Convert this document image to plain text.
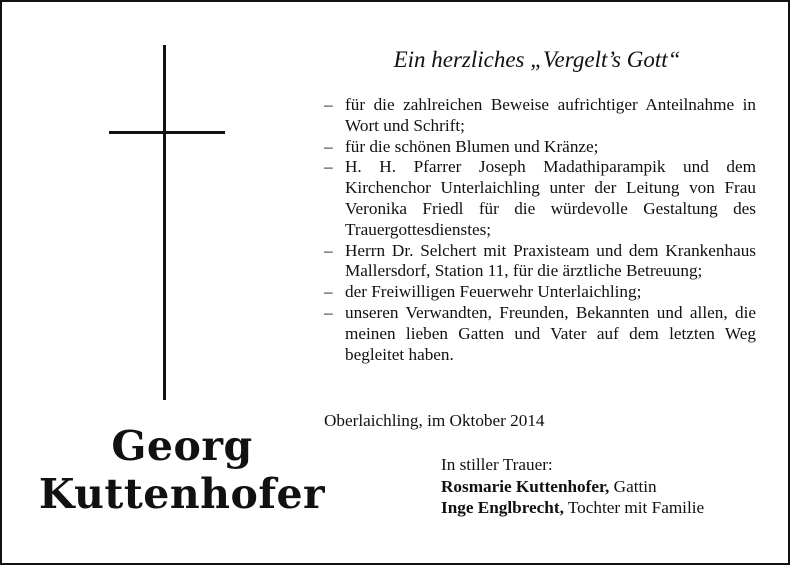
Georg
Kuttenhofer
Ein herzliches „Vergelt’s Gott“
– für die zahlreichen Beweise aufrichtiger Anteilnahme in Wort und Schrift;
– für die schönen Blumen und Kränze;
– H. H. Pfarrer Joseph Madathiparampik und dem Kirchenchor Unterlaichling unter der Leitung von Frau Veronika Friedl für die würdevolle Gestaltung des Trauergottesdienstes;
– Herrn Dr. Selchert mit Praxisteam und dem Krankenhaus Mallersdorf, Station 11, für die ärztliche Betreuung;
– der Freiwilligen Feuerwehr Unterlaichling;
– unseren Verwandten, Freunden, Bekannten und allen, die meinen lieben Gatten und Vater auf dem letzten Weg begleitet haben.
Oberlaichling, im Oktober 2014
In stiller Trauer:
Rosmarie Kuttenhofer, Gattin
Inge Englbrecht, Tochter mit Familie
